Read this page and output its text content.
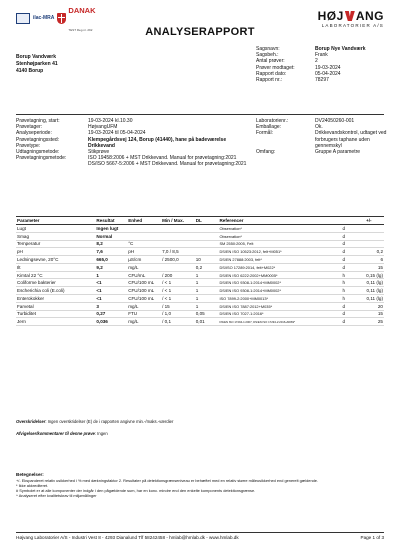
ilac-MRA
DANAK
TEST Reg.nr. 292	ANALYSERAPPORT
HØJ ANG
LABORATORIER A/S
Borup Vandværk
Stenhøjparken 41
4140 Borup
Sagsnavn:	Borup Nye Vandværk
Sagsbeh.:	Frank
Antal prøver:	2
Prøver modtaget:	19-03-2024
Rapport dato:	05-04-2024
Rapport nr.:	78297
Prøvetagning, start:	19-03-2024 kl.10.30
Prøvetager:	HøjvangUFM
Analyseperiode:	19-03-2024 til 05-04-2024
Prøvetagningssted:	Klempegårdsvej 124, Borup (41440), hane på badeværelse
Prøvetype:	Drikkevand
Udtagningsmetode:	Stikprøve
Prøvetagningsmetode:	ISO 19458:2006 + MST Drikkevand. Manual for prøvetagning:2021
DS/ISO 5667-5:2006 + MST Drikkevand. Manual for prøvetagning:2021
Laboratorienr.:	DV24050260-001
Emballage:	Ok.
Formål:	Drikkevandskontrol, udtaget ved forbrugers taphane uden gennemskyl
Omfang:	Gruppe A parametre
Parameter	Resultat	Enhed	Min / Max.	DL	Referencer		+/-
Lugt	Ingen lugt				Observation*	d	
Smag	Normal				Observation*	d	
Temperatur	8,2	°C			SM 2550:2005, Felt	d	
pH	7,6	pH	7,0 / 8,5		DS/EN ISO 10523:2012, felt+M051*	d	0,2
Ledningsevne, 20°C	665,0	µS/cm	/ 2500,0	10	DS/EN 27888:2003, felt*	d	6
Ilt	9,2	mg/L		0,2	DS/ISO 17289:2014, felt+M022*	d	15
Kimtal 22 °C	1	CFU/mL	/ 200	1	DS/EN ISO 6222:2002+MM0005*	h	0,15 (lg)
Coliforme bakterier	<1	CFU/100 mL	/ < 1	1	DS/EN ISO 9308-1:2014+MM0002*	h	0,11 (lg)
Escherichia coli (E.coli)	<1	CFU/100 mL	/ < 1	1	DS/EN ISO 9308-1:2014+MM0002*	h	0,11 (lg)
Enterokokker	<1	CFU/100 mL	/ < 1	1	ISO 7899-2:2000+MM0013*	h	0,11 (lg)
Farvetal	3	mg/L	/ 15	1	DS/EN ISO 7887:2012+M035*	d	20
Turbiditet	0,27	FTU	/ 1,0	0,05	DS/EN ISO 7027-1:2016*	d	15
Jern	0,036	mg/L	/ 0,1	0,01	DS/EN ISO 17294-1:2007, DS/EN ISO 17294-2:2016+M069*	d	25
Overskridelser: Ingen overskridelser (E) de i rapporten angivne min.-/maks.-værdier
Afvigelser/kommentarer til denne prøve: Ingen
Betegnelser:
+/- Ekspanderet relativ usikkerhed i % med dækningsfaktor 2. Resultater på detektionsgrænseniveau er behæftet med en relativ større måleusikkerhed end generelt gældende.
* Ikke akkrediteret.
# Symbolet er at alle komponenter der indgår i den pågældende sum, har en konc. mindre end den enkelte komponents detektionsgrænse.
^ Analyseret efter kvalitetskrav til miljømålinger
Højvang Laboratorier A/S - Industri Vest 8 - 4293 Dianalund Tlf 58242458 - hmlab@hmlab.dk - www.hmlab.dk	Page 1 of 3
